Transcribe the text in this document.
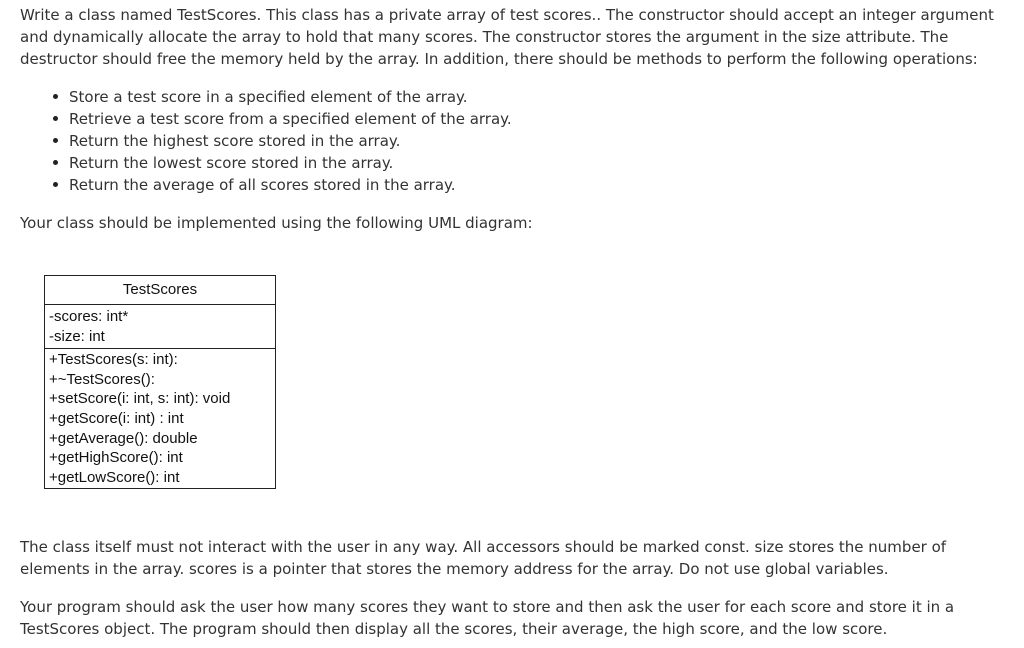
Write a class named TestScores. This class has a private array of test scores.. The constructor should accept an integer argument and dynamically allocate the array to hold that many scores. The constructor stores the argument in the size attribute. The destructor should free the memory held by the array. In addition, there should be methods to perform the following operations:

Store a test score in a specified element of the array.
Retrieve a test score from a specified element of the array.
Return the highest score stored in the array.
Return the lowest score stored in the array.
Return the average of all scores stored in the array.

Your class should be implemented using the following UML diagram:

TestScores
-scores: int*
-size: int
+TestScores(s: int):
+~TestScores():
+setScore(i: int, s: int): void
+getScore(i: int) : int
+getAverage(): double
+getHighScore(): int
+getLowScore(): int

The class itself must not interact with the user in any way. All accessors should be marked const. size stores the number of elements in the array. scores is a pointer that stores the memory address for the array. Do not use global variables.

Your program should ask the user how many scores they want to store and then ask the user for each score and store it in a TestScores object. The program should then display all the scores, their average, the high score, and the low score.
